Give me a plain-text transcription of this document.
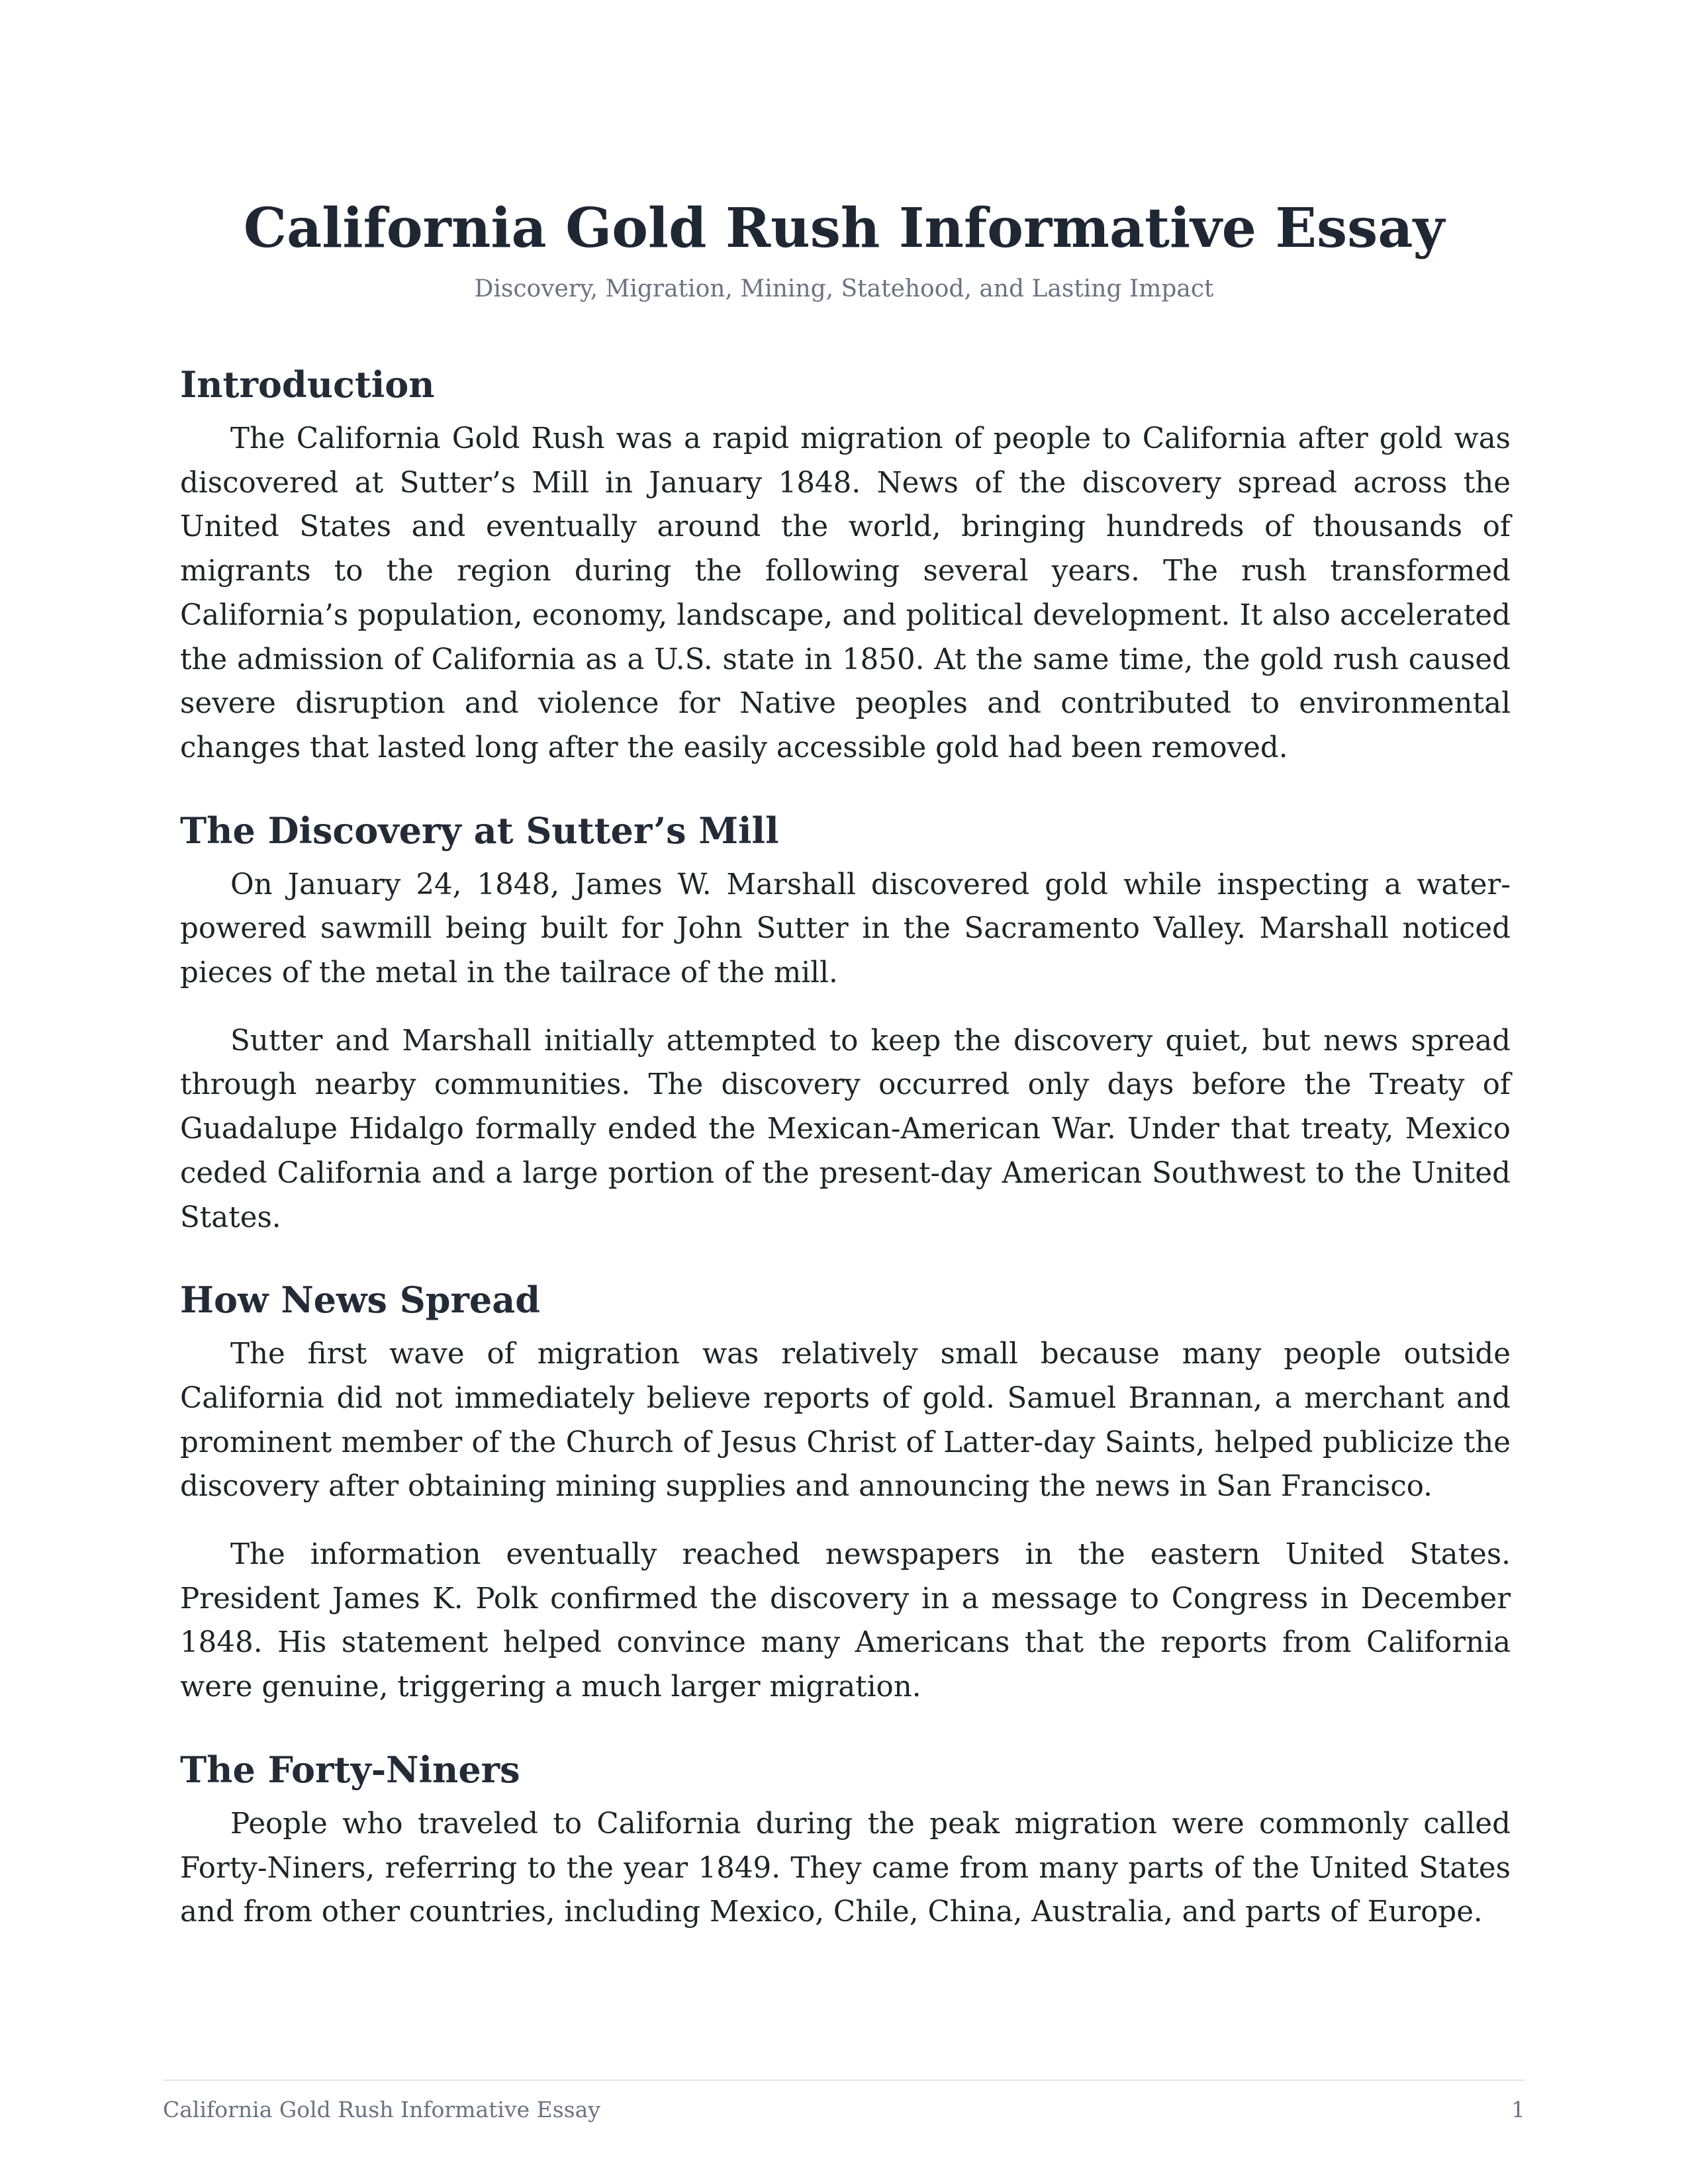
California Gold Rush Informative Essay

Discovery, Migration, Mining, Statehood, and Lasting Impact

Introduction

The California Gold Rush was a rapid migration of people to California after gold was discovered at Sutter’s Mill in January 1848. News of the discovery spread across the United States and eventually around the world, bringing hundreds of thousands of migrants to the region during the following several years. The rush transformed California’s population, economy, landscape, and political development. It also accelerated the admission of California as a U.S. state in 1850. At the same time, the gold rush caused severe disruption and violence for Native peoples and contributed to environmental changes that lasted long after the easily accessible gold had been removed.

The Discovery at Sutter’s Mill

On January 24, 1848, James W. Marshall discovered gold while inspecting a water-powered sawmill being built for John Sutter in the Sacramento Valley. Marshall noticed pieces of the metal in the tailrace of the mill.

Sutter and Marshall initially attempted to keep the discovery quiet, but news spread through nearby communities. The discovery occurred only days before the Treaty of Guadalupe Hidalgo formally ended the Mexican-American War. Under that treaty, Mexico ceded California and a large portion of the present-day American Southwest to the United States.

How News Spread

The first wave of migration was relatively small because many people outside California did not immediately believe reports of gold. Samuel Brannan, a merchant and prominent member of the Church of Jesus Christ of Latter-day Saints, helped publicize the discovery after obtaining mining supplies and announcing the news in San Francisco.

The information eventually reached newspapers in the eastern United States. President James K. Polk confirmed the discovery in a message to Congress in December 1848. His statement helped convince many Americans that the reports from California were genuine, triggering a much larger migration.

The Forty-Niners

People who traveled to California during the peak migration were commonly called Forty-Niners, referring to the year 1849. They came from many parts of the United States and from other countries, including Mexico, Chile, China, Australia, and parts of Europe.

California Gold Rush Informative Essay	1
